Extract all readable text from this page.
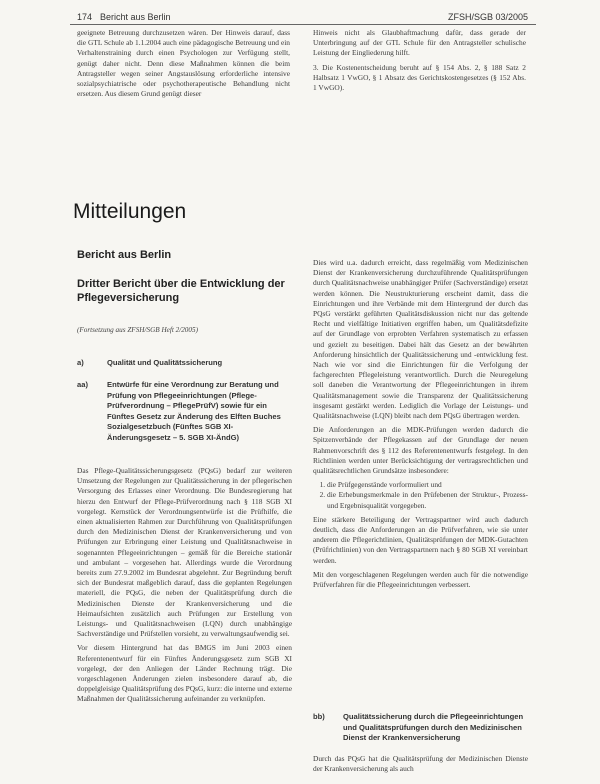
174 Bericht aus Berlin	ZFSH/SGB 03/2005

geeignete Betreuung durchzusetzen wären. Der Hinweis darauf, dass die GTL Schule ab 1.1.2004 auch eine pädagogische Betreuung und ein Verhaltenstraining durch einen Psychologen zur Verfügung stellt, genügt daher nicht. Denn diese Maßnahmen können die beim Antragsteller wegen seiner Angstauslösung erforderliche intensive sozialpsychiatrische oder psychotherapeutische Behandlung nicht ersetzen. Aus diesem Grund genügt dieser

Hinweis nicht als Glaubhaftmachung dafür, dass gerade der Unterbringung auf der GTL Schule für den Antragsteller schulische Leistung der Eingliederung hilft.

3. Die Kostenentscheidung beruht auf § 154 Abs. 2, § 188 Satz 2 Halbsatz 1 VwGO, § 1 Absatz des Gerichtskostengesetzes (§ 152 Abs. 1 VwGO).

Mitteilungen
Bericht aus Berlin
Dritter Bericht über die Entwicklung der Pflegeversicherung
(Fortsetzung aus ZFSH/SGB Heft 2/2005)
a)	Qualität und Qualitätssicherung
aa)	Entwürfe für eine Verordnung zur Beratung und Prüfung von Pflegeeinrichtungen (Pflege-Prüfverordnung – PflegePrüfV) sowie für ein Fünftes Gesetz zur Änderung des Elften Buches Sozialgesetzbuch (Fünftes SGB XI-Änderungsgesetz – 5. SGB XI-ÄndG)

Das Pflege-Qualitätssicherungsgesetz (PQsG) bedarf zur weiteren Umsetzung der Regelungen zur Qualitätssicherung in der pflegerischen Versorgung des Erlasses einer Verordnung. Die Bundesregierung hat hierzu den Entwurf der Pflege-Prüfverordnung nach § 118 SGB XI vorgelegt. Kernstück der Verordnungsentwürfe ist die Prüfhilfe, die einen aktualisierten Rahmen zur Durchführung von Qualitätsprüfungen durch den Medizinischen Dienst der Krankenversicherung und von Prüfungen zur Erbringung einer Leistung und Qualitätsnachweise in sogenannten Pflegeeinrichtungen – gemäß für die Bereiche stationär und ambulant – vorgesehen hat. Allerdings wurde die Verordnung bereits zum 27.9.2002 im Bundesrat abgelehnt. Zur Begründung beruft sich der Bundesrat maßgeblich darauf, dass die geplanten Regelungen materiell, die PQsG, die neben der Qualitätsprüfung durch die Medizinischen Dienste der Krankenversicherung und die Heimaufsichten zusätzlich auch Prüfungen zur Erstellung von Leistungs- und Qualitätsnachweisen (LQN) durch unabhängige Sachverständige und Prüfstellen vorsieht, zu verwaltungsaufwendig sei.

Vor diesem Hintergrund hat das BMGS im Juni 2003 einen Referentenentwurf für ein Fünftes Änderungsgesetz zum SGB XI vorgelegt, der den Anliegen der Länder Rechnung trägt. Die vorgeschlagenen Änderungen zielen insbesondere darauf ab, die doppelgleisige Qualitätsprüfung des PQsG, kurz: die interne und externe Maßnahmen der Qualitätssicherung aufeinander zu verknüpfen.

Dies wird u.a. dadurch erreicht, dass regelmäßig vom Medizinischen Dienst der Krankenversicherung durchzuführende Qualitätsprüfungen durch Qualitätsnachweise unabhängiger Prüfer (Sachverständige) ersetzt werden können. Die Neustrukturierung erscheint damit, dass die Einrichtungen und ihre Verbände mit dem Hintergrund der durch das PQsG verstärkt geführten Qualitätsdiskussion nicht nur das geltende Recht und vielfältige Initiativen ergriffen haben, um Qualitätsdefizite auf der Grundlage von erprobten Verfahren systematisch zu erfassen und gezielt zu beseitigen. Dabei hält das Gesetz an der bewährten Anforderung hinsichtlich der Qualitätssicherung und -entwicklung fest. Nach wie vor sind die Einrichtungen für die Verfolgung der fachgerechten Pflegeleistung verantwortlich. Durch die Neuregelung soll daneben die Verantwortung der Pflegeeinrichtungen in ihrem Qualitätsmanagement sowie die Transparenz der Qualitätssicherung insgesamt gestärkt werden. Lediglich die Vorlage der Leistungs- und Qualitätsnachweise (LQN) bleibt nach dem PQsG übertragen werden.

Die Anforderungen an die MDK-Prüfungen werden dadurch die Spitzenverbände der Pflegekassen auf der Grundlage der neuen Rahmenvorschrift des § 112 des Referentenentwurfs festgelegt. In den Richtlinien werden unter Berücksichtigung der vertragsrechtlichen und qualitätsrechtlichen Grundsätze insbesondere:

1. die Prüfgegenstände vorformuliert und
2. die Erhebungsmerkmale in den Prüfebenen der Struktur-, Prozess- und Ergebnisqualität vorgegeben.

Eine stärkere Beteiligung der Vertragspartner wird auch dadurch deutlich, dass die Anforderungen an die Prüfverfahren, wie sie unter anderem die Pflegerichtlinien, Qualitätsprüfungen der MDK-Gutachten (Prüfrichtlinien) von den Vertragspartnern nach § 80 SGB XI vereinbart werden.

Mit den vorgeschlagenen Regelungen werden auch für die notwendige Prüfverfahren für die Pflegeeinrichtungen verbessert.

bb) Qualitätssicherung durch die Pflegeeinrichtungen und Qualitätsprüfungen durch den Medizinischen Dienst der Krankenversicherung

Durch das PQsG hat die Qualitätsprüfung der Medizinischen Dienste der Krankenversicherung als auch
